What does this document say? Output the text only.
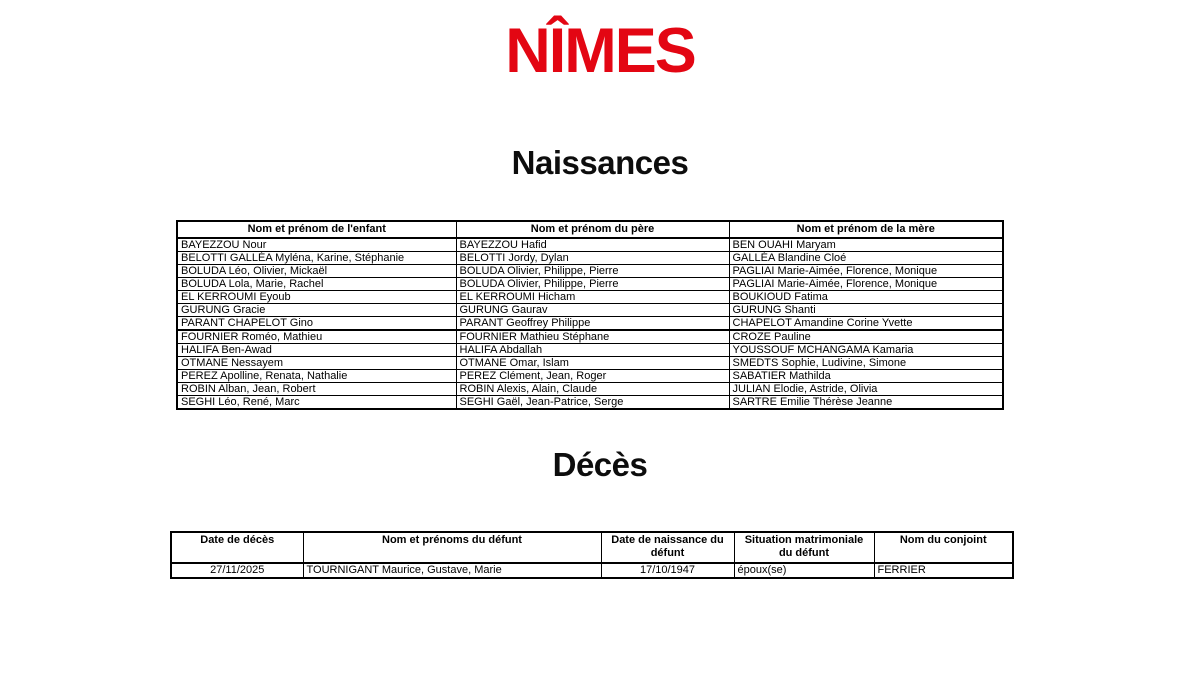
NÎMES
Naissances
Nom et prénom de l'enfant	Nom et prénom du père	Nom et prénom de la mère
BAYEZZOU Nour	BAYEZZOU Hafid	BEN OUAHI Maryam
BELOTTI GALLÉA Myléna, Karine, Stéphanie	BELOTTI Jordy, Dylan	GALLÉA Blandine Cloé
BOLUDA Léo, Olivier, Mickaël	BOLUDA Olivier, Philippe, Pierre	PAGLIAI Marie-Aimée, Florence, Monique
BOLUDA Lola, Marie, Rachel	BOLUDA Olivier, Philippe, Pierre	PAGLIAI Marie-Aimée, Florence, Monique
EL KERROUMI Eyoub	EL KERROUMI Hicham	BOUKIOUD Fatima
GURUNG Gracie	GURUNG Gaurav	GURUNG Shanti
PARANT CHAPELOT Gino	PARANT Geoffrey Philippe	CHAPELOT Amandine Corine Yvette
FOURNIER Roméo, Mathieu	FOURNIER Mathieu Stéphane	CROZE Pauline
HALIFA Ben-Awad	HALIFA Abdallah	YOUSSOUF MCHANGAMA Kamaria
OTMANE Nessayem	OTMANE Omar, Islam	SMEDTS Sophie, Ludivine, Simone
PEREZ Apolline, Renata, Nathalie	PEREZ Clément, Jean, Roger	SABATIER Mathilda
ROBIN Alban, Jean, Robert	ROBIN Alexis, Alain, Claude	JULIAN Elodie, Astride, Olivia
SEGHI Léo, René, Marc	SEGHI Gaël, Jean-Patrice, Serge	SARTRE Emilie Thérèse Jeanne
Décès
Date de décès	Nom et prénoms du défunt	Date de naissance du défunt	Situation matrimoniale du défunt	Nom du conjoint
27/11/2025	TOURNIGANT Maurice, Gustave, Marie	17/10/1947	époux(se)	FERRIER
